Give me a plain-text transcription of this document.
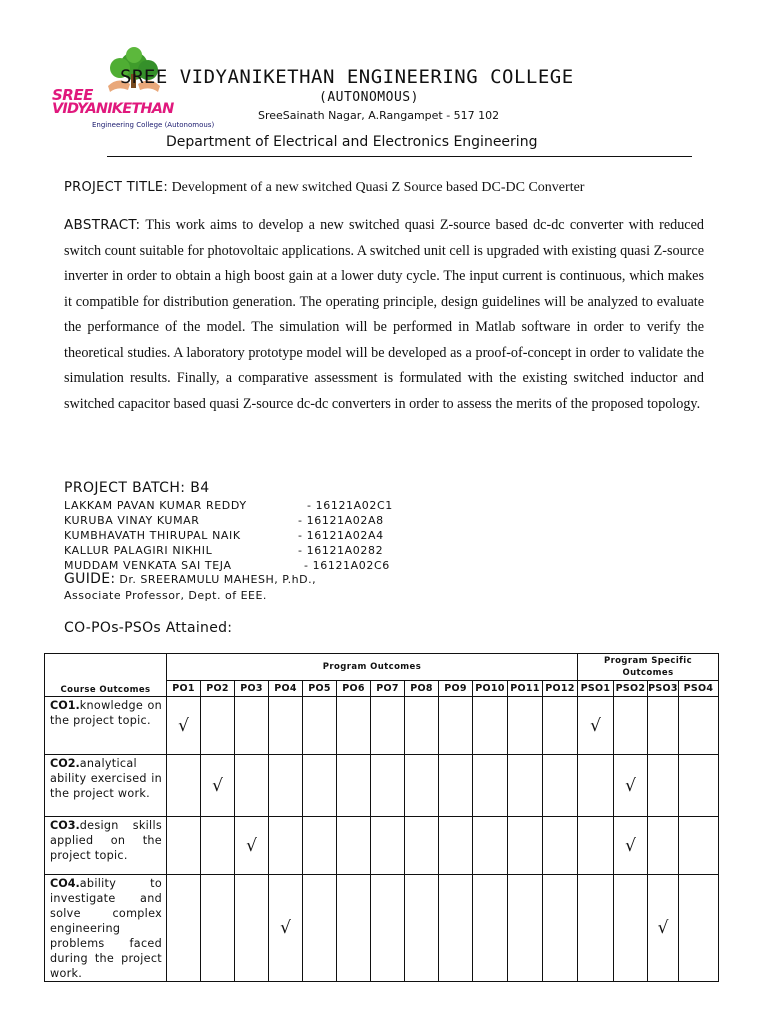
SREE
VIDYANIKETHAN
Engineering College (Autonomous)
SREE VIDYANIKETHAN ENGINEERING COLLEGE
(AUTONOMOUS)
SreeSainath Nagar, A.Rangampet - 517 102
Department of Electrical and Electronics Engineering
PROJECT TITLE: Development of a new switched Quasi Z Source based DC-DC Converter
ABSTRACT: This work aims to develop a new switched quasi Z-source based dc-dc converter with reduced switch count suitable for photovoltaic applications. A switched unit cell is upgraded with existing quasi Z-source inverter in order to obtain a high boost gain at a lower duty cycle. The input current is continuous, which makes it compatible for distribution generation. The operating principle, design guidelines will be analyzed to evaluate the performance of the model. The simulation will be performed in Matlab software in order to verify the theoretical studies. A laboratory prototype model will be developed as a proof-of-concept in order to validate the simulation results. Finally, a comparative assessment is formulated with the existing switched inductor and switched capacitor based quasi Z-source dc-dc converters in order to assess the merits of the proposed topology.
PROJECT BATCH: B4
LAKKAM PAVAN KUMAR REDDY	- 16121A02C1
KURUBA VINAY KUMAR	- 16121A02A8
KUMBHAVATH THIRUPAL NAIK	- 16121A02A4
KALLUR PALAGIRI NIKHIL	- 16121A0282
MUDDAM VENKATA SAI TEJA	- 16121A02C6
GUIDE: Dr. SREERAMULU MAHESH, P.hD.,
Associate Professor, Dept. of EEE.
CO-POs-PSOs Attained:
Course Outcomes	Program Outcomes												Program Specific Outcomes			
	PO1	PO2	PO3	PO4	PO5	PO6	PO7	PO8	PO9	PO10	PO11	PO12	PSO1	PSO2	PSO3	PSO4
CO1.knowledge on the project topic.	√												√			
CO2.analytical ability exercised in the project work.		√												√		
CO3.design skills applied on the project topic.			√											√		
CO4.ability to investigate and solve complex engineering problems faced during the project work.				√											√	
